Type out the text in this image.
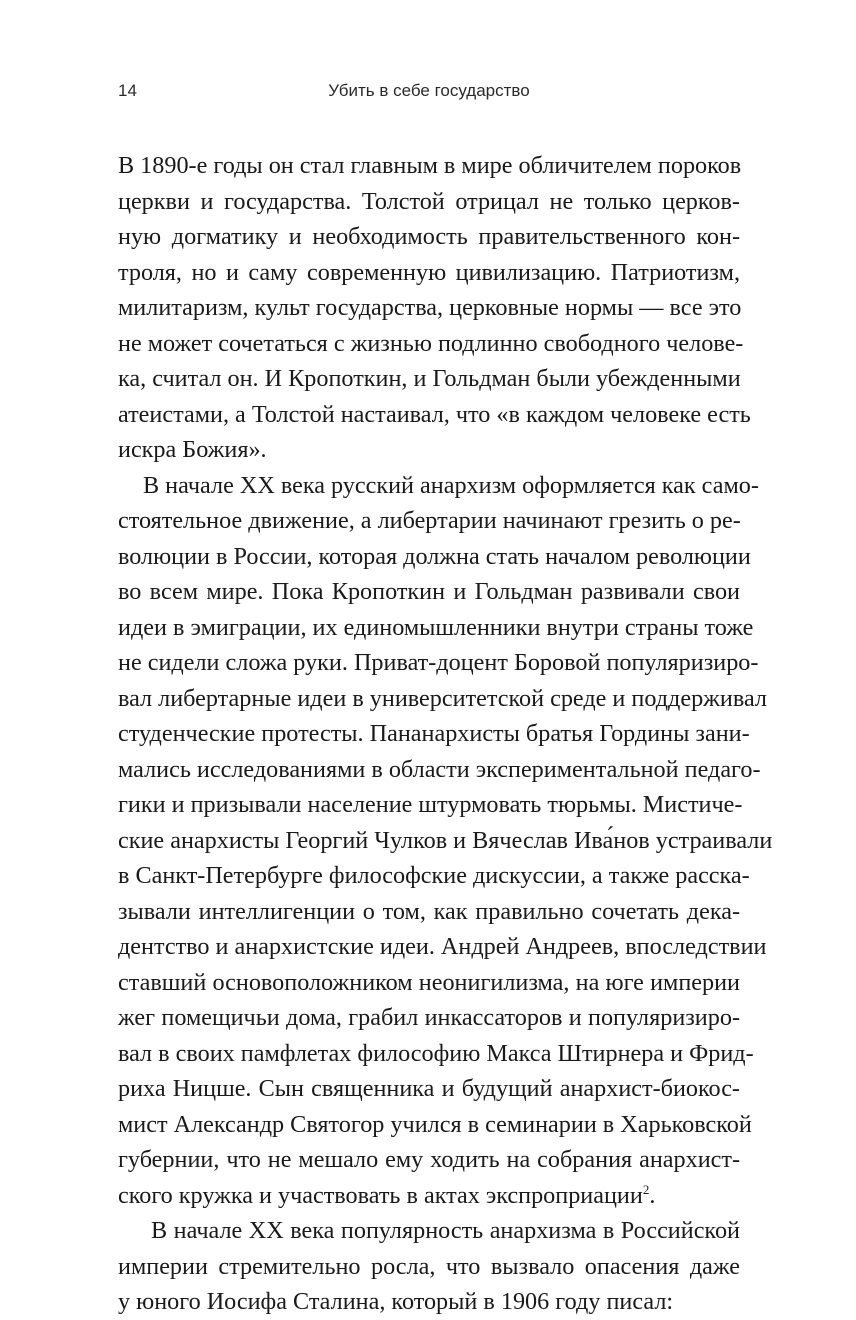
14	Убить в себе государство

В 1890-е годы он стал главным в мире обличителем пороков
церкви и государства. Толстой отрицал не только церков-
ную догматику и необходимость правительственного кон-
троля, но и саму современную цивилизацию. Патриотизм,
милитаризм, культ государства, церковные нормы — все это
не может сочетаться с жизнью подлинно свободного челове-
ка, считал он. И Кропоткин, и Гольдман были убежденными
атеистами, а Толстой настаивал, что «в каждом человеке есть
искра Божия».

В начале XX века русский анархизм оформляется как само-
стоятельное движение, а либертарии начинают грезить о ре-
волюции в России, которая должна стать началом революции
во всем мире. Пока Кропоткин и Гольдман развивали свои
идеи в эмиграции, их единомышленники внутри страны тоже
не сидели сложа руки. Приват-доцент Боровой популяризиро-
вал либертарные идеи в университетской среде и поддерживал
студенческие протесты. Пананархисты братья Гордины зани-
мались исследованиями в области экспериментальной педаго-
гики и призывали население штурмовать тюрьмы. Мистиче-
ские анархисты Георгий Чулков и Вячеслав Ива́нов устраивали
в Санкт-Петербурге философские дискуссии, а также расска-
зывали интеллигенции о том, как правильно сочетать дека-
дентство и анархистские идеи. Андрей Андреев, впоследствии
ставший основоположником неонигилизма, на юге империи
жег помещичьи дома, грабил инкассаторов и популяризиро-
вал в своих памфлетах философию Макса Штирнера и Фрид-
риха Ницше. Сын священника и будущий анархист-биокос-
мист Александр Святогор учился в семинарии в Харьковской
губернии, что не мешало ему ходить на собрания анархист-
ского кружка и участвовать в актах экспроприации$^2$.

В начале XX века популярность анархизма в Российской
империи стремительно росла, что вызвало опасения даже
у юного Иосифа Сталина, который в 1906 году писал:
